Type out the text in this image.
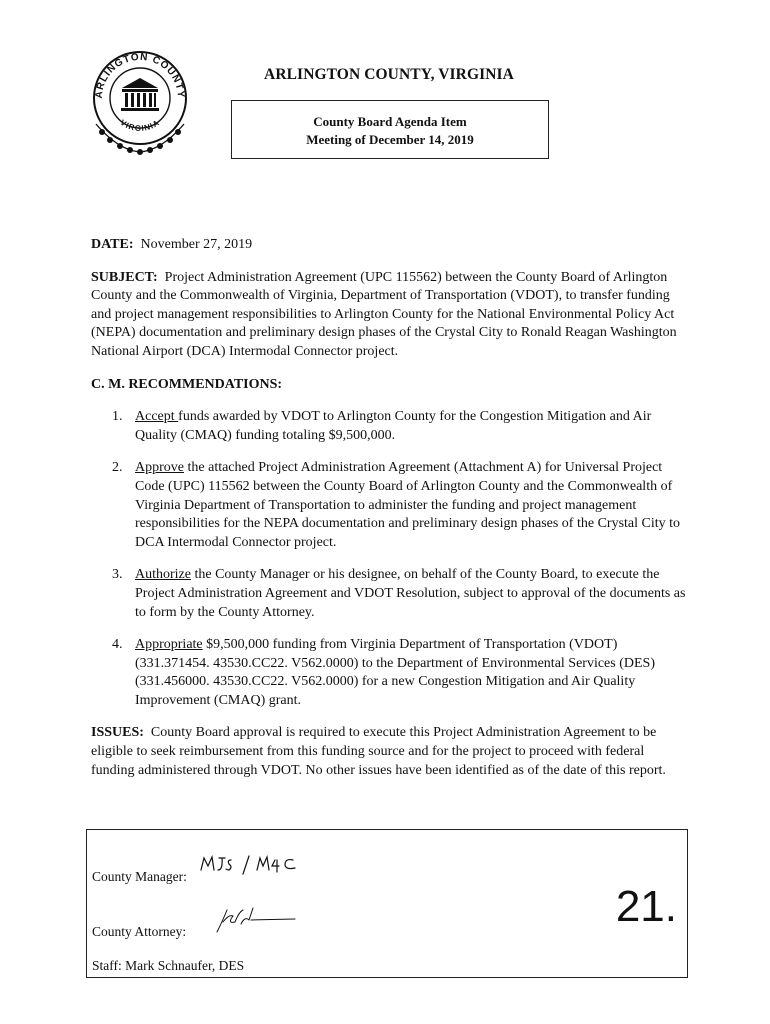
ARLINGTON COUNTY
VIRGINIA
ARLINGTON COUNTY, VIRGINIA
County Board Agenda Item
Meeting of December 14, 2019

DATE: November 27, 2019

SUBJECT: Project Administration Agreement (UPC 115562) between the County Board of Arlington County and the Commonwealth of Virginia, Department of Transportation (VDOT), to transfer funding and project management responsibilities to Arlington County for the National Environmental Policy Act (NEPA) documentation and preliminary design phases of the Crystal City to Ronald Reagan Washington National Airport (DCA) Intermodal Connector project.

C. M. RECOMMENDATIONS:

1. Accept funds awarded by VDOT to Arlington County for the Congestion Mitigation and Air Quality (CMAQ) funding totaling $9,500,000.
2. Approve the attached Project Administration Agreement (Attachment A) for Universal Project Code (UPC) 115562 between the County Board of Arlington County and the Commonwealth of Virginia Department of Transportation to administer the funding and project management responsibilities for the NEPA documentation and preliminary design phases of the Crystal City to DCA Intermodal Connector project.
3. Authorize the County Manager or his designee, on behalf of the County Board, to execute the Project Administration Agreement and VDOT Resolution, subject to approval of the documents as to form by the County Attorney.
4. Appropriate $9,500,000 funding from Virginia Department of Transportation (VDOT) (331.371454. 43530.CC22. V562.0000) to the Department of Environmental Services (DES) (331.456000. 43530.CC22. V562.0000) for a new Congestion Mitigation and Air Quality Improvement (CMAQ) grant.

ISSUES: County Board approval is required to execute this Project Administration Agreement to be eligible to seek reimbursement from this funding source and for the project to proceed with federal funding administered through VDOT. No other issues have been identified as of the date of this report.

County Manager:
County Attorney:
Staff: Mark Schnaufer, DES
21.
